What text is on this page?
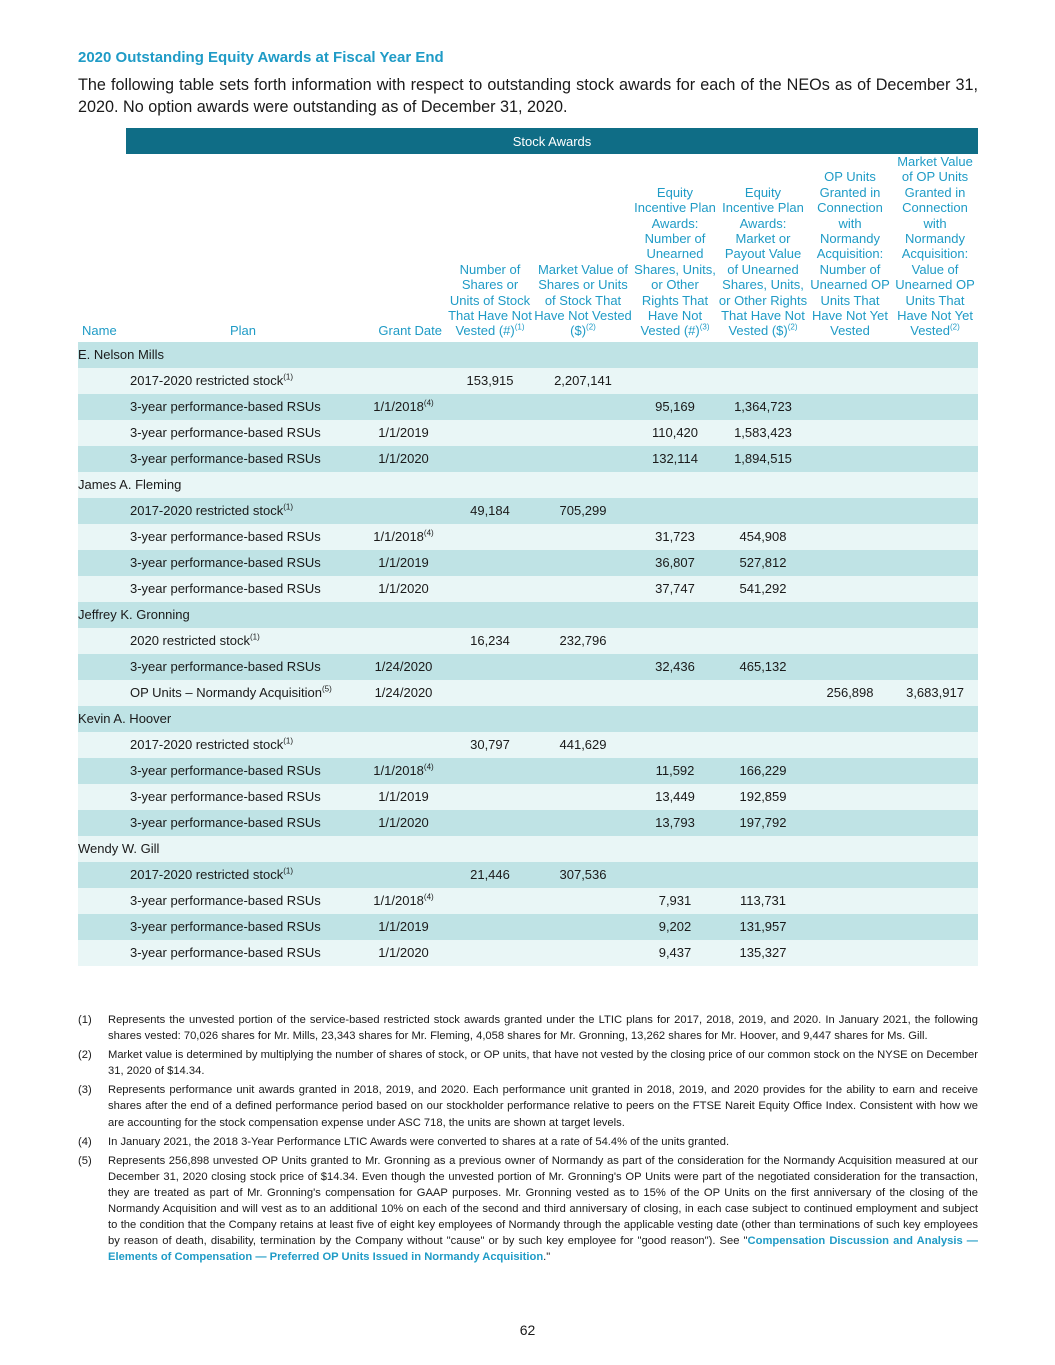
2020 Outstanding Equity Awards at Fiscal Year End

The following table sets forth information with respect to outstanding stock awards for each of the NEOs as of December 31, 2020. No option awards were outstanding as of December 31, 2020.

	Stock Awards							
Name	Plan	Grant Date	Number of Shares or Units of Stock That Have Not Vested (#)$^{(1)}$	Market Value of Shares or Units of Stock That Have Not Vested ($)$^{(2)}$	Equity Incentive Plan Awards: Number of Unearned Shares, Units, or Other Rights That Have Not Vested (#)$^{(3)}$	Equity Incentive Plan Awards: Market or Payout Value of Unearned Shares, Units, or Other Rights That Have Not Vested ($)$^{(2)}$	OP Units Granted in Connection with Normandy Acquisition: Number of Unearned OP Units That Have Not Yet Vested	Market Value of OP Units Granted in Connection with Normandy Acquisition: Value of Unearned OP Units That Have Not Yet Vested$^{(2)}$
E. Nelson Mills								
2017-2020 restricted stock$^{(1)}$			153,915	2,207,141				
3-year performance-based RSUs		1/1/2018$^{(4)}$			95,169	1,364,723		
3-year performance-based RSUs		1/1/2019			110,420	1,583,423		
3-year performance-based RSUs		1/1/2020			132,114	1,894,515		
James A. Fleming								
2017-2020 restricted stock$^{(1)}$			49,184	705,299				
3-year performance-based RSUs		1/1/2018$^{(4)}$			31,723	454,908		
3-year performance-based RSUs		1/1/2019			36,807	527,812		
3-year performance-based RSUs		1/1/2020			37,747	541,292		
Jeffrey K. Gronning								
2020 restricted stock$^{(1)}$			16,234	232,796				
3-year performance-based RSUs		1/24/2020			32,436	465,132		
OP Units – Normandy Acquisition$^{(5)}$		1/24/2020					256,898	3,683,917
Kevin A. Hoover								
2017-2020 restricted stock$^{(1)}$			30,797	441,629				
3-year performance-based RSUs		1/1/2018$^{(4)}$			11,592	166,229		
3-year performance-based RSUs		1/1/2019			13,449	192,859		
3-year performance-based RSUs		1/1/2020			13,793	197,792		
Wendy W. Gill								
2017-2020 restricted stock$^{(1)}$			21,446	307,536				
3-year performance-based RSUs		1/1/2018$^{(4)}$			7,931	113,731		
3-year performance-based RSUs		1/1/2019			9,202	131,957		
3-year performance-based RSUs		1/1/2020			9,437	135,327		
(1)	Represents the unvested portion of the service-based restricted stock awards granted under the LTIC plans for 2017, 2018, 2019, and 2020. In January 2021, the following shares vested: 70,026 shares for Mr. Mills, 23,343 shares for Mr. Fleming, 4,058 shares for Mr. Gronning, 13,262 shares for Mr. Hoover, and 9,447 shares for Ms. Gill.
(2)	Market value is determined by multiplying the number of shares of stock, or OP units, that have not vested by the closing price of our common stock on the NYSE on December 31, 2020 of $14.34.
(3)	Represents performance unit awards granted in 2018, 2019, and 2020. Each performance unit granted in 2018, 2019, and 2020 provides for the ability to earn and receive shares after the end of a defined performance period based on our stockholder performance relative to peers on the FTSE Nareit Equity Office Index. Consistent with how we are accounting for the stock compensation expense under ASC 718, the units are shown at target levels.
(4)	In January 2021, the 2018 3-Year Performance LTIC Awards were converted to shares at a rate of 54.4% of the units granted.
(5)	Represents 256,898 unvested OP Units granted to Mr. Gronning as a previous owner of Normandy as part of the consideration for the Normandy Acquisition measured at our December 31, 2020 closing stock price of $14.34. Even though the unvested portion of Mr. Gronning's OP Units were part of the negotiated consideration for the transaction, they are treated as part of Mr. Gronning's compensation for GAAP purposes. Mr. Gronning vested as to 15% of the OP Units on the first anniversary of the closing of the Normandy Acquisition and will vest as to an additional 10% on each of the second and third anniversary of closing, in each case subject to continued employment and subject to the condition that the Company retains at least five of eight key employees of Normandy through the applicable vesting date (other than terminations of such key employees by reason of death, disability, termination by the Company without "cause" or by such key employee for "good reason"). See "Compensation Discussion and Analysis — Elements of Compensation — Preferred OP Units Issued in Normandy Acquisition."
62
